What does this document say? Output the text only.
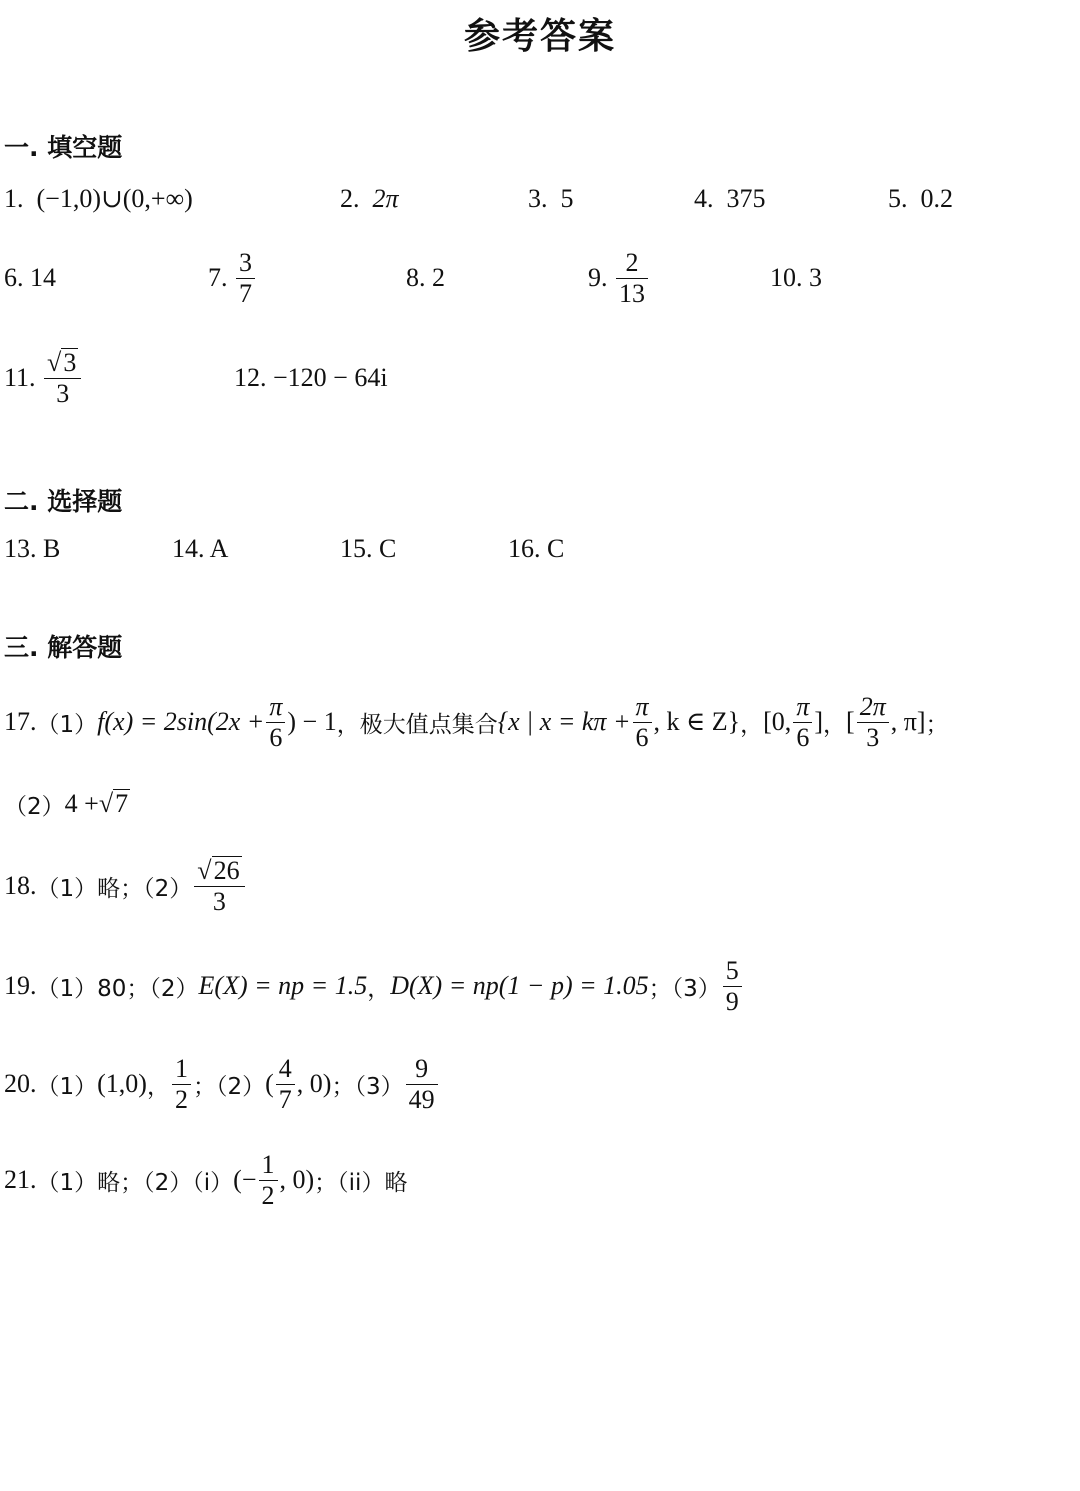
参考答案
一. 填空题
1. (−1,0)∪(0,+∞)	2. 2π	3. 5	4. 375	5. 0.2
6.
14	7.
$\frac{3}{7}$	8.
2	9.
$\frac{2}{13}$	10.
3
11.
$\frac{√3}{3}$	12.
−120 − 64i
二. 选择题
13. B	14. A	15. C	16. C
三. 解答题
17. （1） $f(x) = 2\sin(2x + \frac{\pi}{6}$ ) − 1 ，极大值点集合 {x | $x = k\pi + \frac{\pi}{6}$ , k ∈ Z} ， [0, $\frac{\pi}{6}$ ] ， [ $\frac{2\pi}{3}$ , π] ；
（2） 4 + √7
18. （1）略；$(2) \frac{√26}{3}$
19. （1）80；（2） E(X) = np = 1.5 ， D(X) = np(1 − p) = 1.05 ；$(3) \frac{5}{9}$
20. （1） (1,0) ， $\frac{1}{2}$ ；（2） ( $\frac{4}{7}$ , 0) ；$(3) \frac{9}{49}$
21. （1）略；（2）（i） (− $\frac{1}{2}$ , 0) ；（ii）略
